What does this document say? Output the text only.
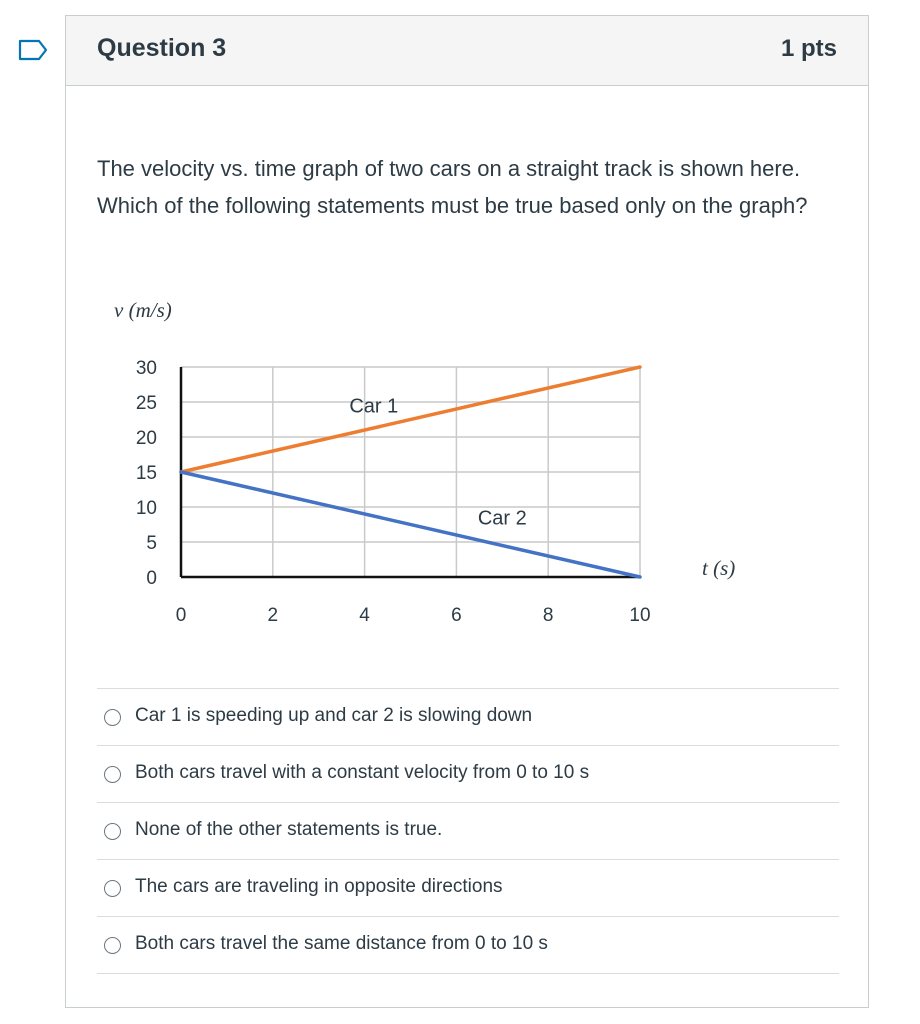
Question 3	1 pts
The velocity vs. time graph of two cars on a straight track is shown here. Which of the following statements must be true based only on the graph?
Car 1
Car 2
0
5
10
15
20
25
30
0	2	4	6	8	10
v (m/s)
t (s)
Car 1 is speeding up and car 2 is slowing down
Both cars travel with a constant velocity from 0 to 10 s
None of the other statements is true.
The cars are traveling in opposite directions
Both cars travel the same distance from 0 to 10 s
